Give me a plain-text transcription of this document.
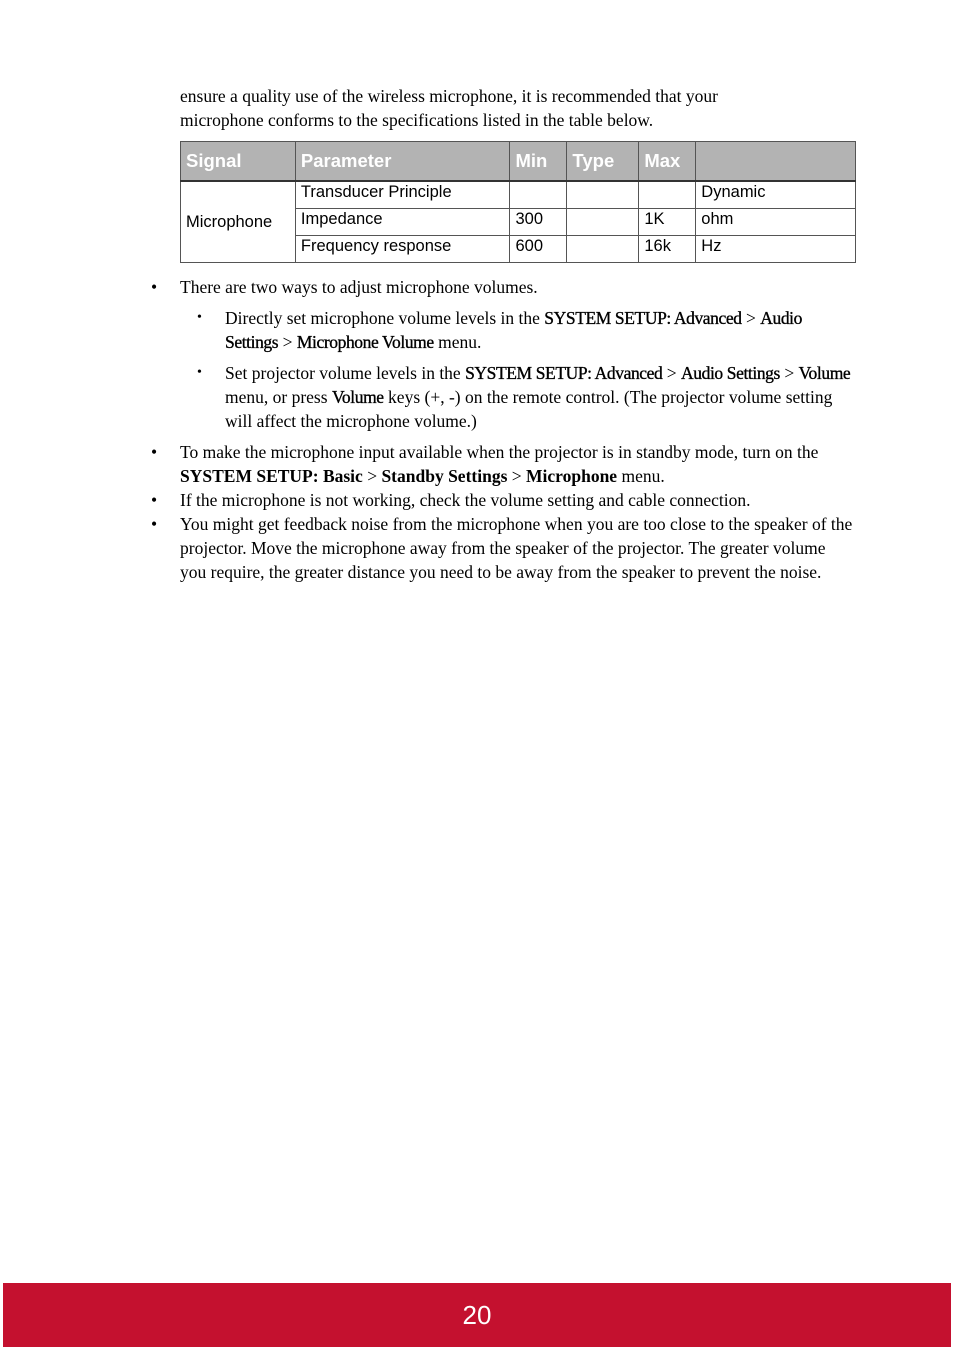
ensure a quality use of the wireless microphone, it is recommended that your
microphone conforms to the specifications listed in the table below.

Signal	Parameter	Min	Type	Max	
Microphone	Transducer Principle				Dynamic
	Impedance	300		1K	ohm
	Frequency response	600		16k	Hz
• There are two ways to adjust microphone volumes.
• Directly set microphone volume levels in the SYSTEM SETUP: Advanced > Audio Settings > Microphone Volume menu.
• Set projector volume levels in the SYSTEM SETUP: Advanced > Audio Settings > Volume menu, or press Volume keys (+, -) on the remote control. (The projector volume setting will affect the microphone volume.)
• To make the microphone input available when the projector is in standby mode, turn on the SYSTEM SETUP: Basic > Standby Settings > Microphone menu.
• If the microphone is not working, check the volume setting and cable connection.
• You might get feedback noise from the microphone when you are too close to the speaker of the projector. Move the microphone away from the speaker of the projector. The greater volume you require, the greater distance you need to be away from the speaker to prevent the noise.
20
